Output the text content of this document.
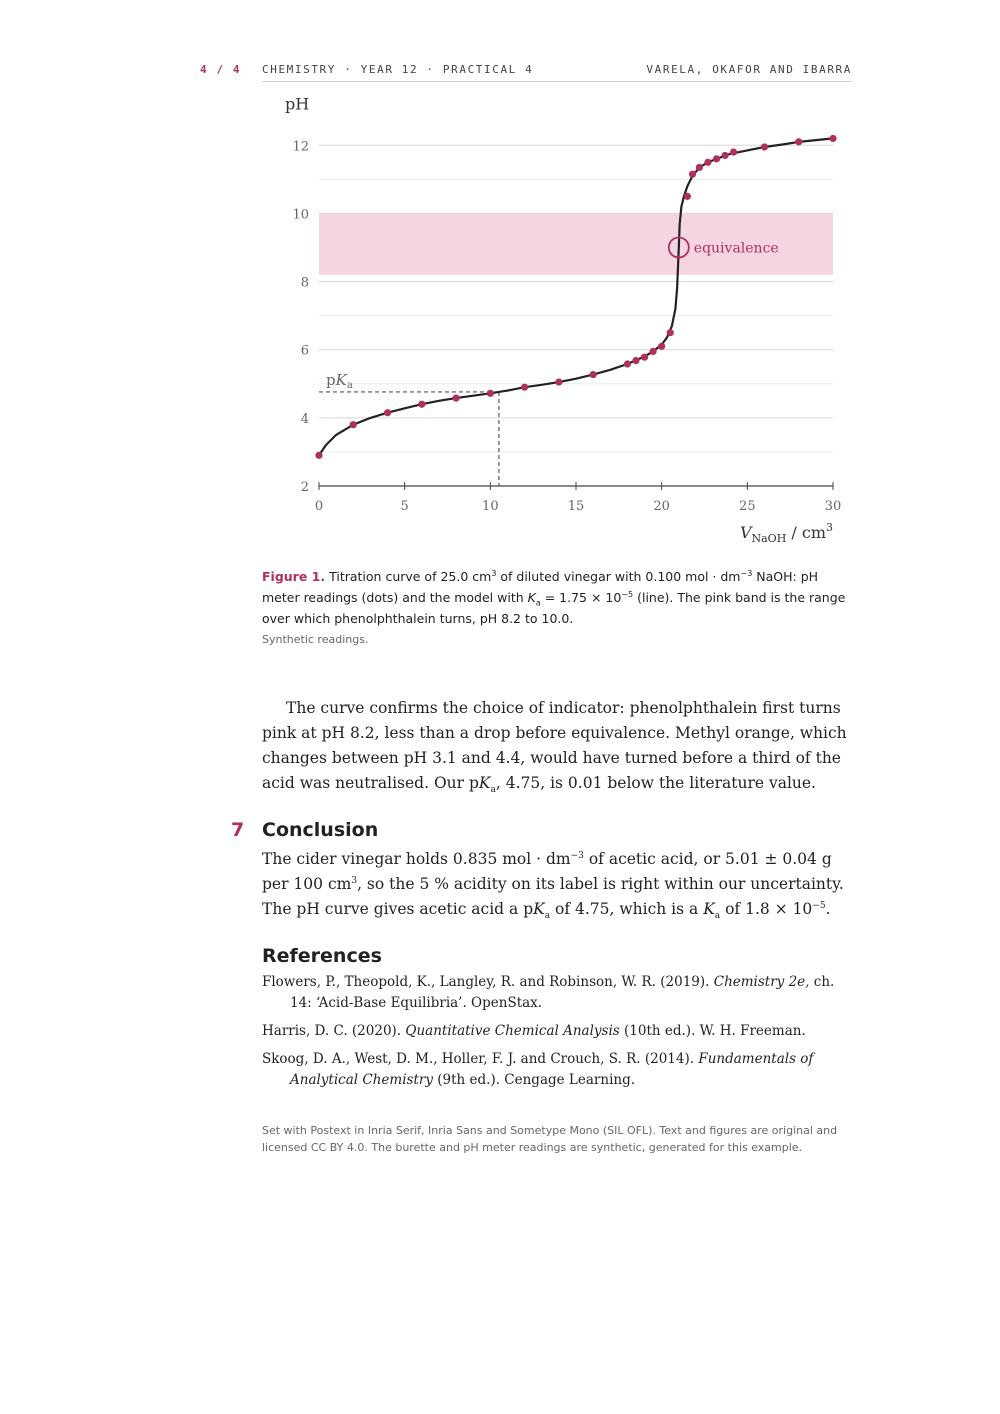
4 / 4 CHEMISTRY · YEAR 12 · PRACTICAL 4	VARELA, OKAFOR AND IBARRA
2
4
6
8
10
12
pH
0	5	10	15	20	25	30
$V_{NaOH} / cm^3$
$pK_a$
equivalence
Figure 1. Titration curve of 25.0 $cm^3$ of diluted vinegar with 0.100 mol · $dm^{-3}$ NaOH: pH meter readings (dots) and the model with $K_a = 1.75 \times 10^{-5}$ (line). The pink band is the range over which phenolphthalein turns, pH 8.2 to 10.0.
Synthetic readings.
The curve confirms the choice of indicator: phenolphthalein first turns pink at pH 8.2, less than a drop before equivalence. Methyl orange, which changes between pH 3.1 and 4.4, would have turned before a third of the acid was neutralised. Our $pK_a$, 4.75, is 0.01 below the literature value.
7 Conclusion
The cider vinegar holds 0.835 mol · $dm^{-3}$ of acetic acid, or 5.01 ± 0.04 g per 100 $cm^3$, so the 5 % acidity on its label is right within our uncertainty. The pH curve gives acetic acid a $pK_a$ of 4.75, which is a $K_a$ of $1.8 \times 10^{-5}$.
References
Flowers, P., Theopold, K., Langley, R. and Robinson, W. R. (2019). Chemistry 2e, ch. 14: ‘Acid-Base Equilibria’. OpenStax.
Harris, D. C. (2020). Quantitative Chemical Analysis (10th ed.). W. H. Freeman.
Skoog, D. A., West, D. M., Holler, F. J. and Crouch, S. R. (2014). Fundamentals of Analytical Chemistry (9th ed.). Cengage Learning.
Set with Postext in Inria Serif, Inria Sans and Sometype Mono (SIL OFL). Text and figures are original and licensed CC BY 4.0. The burette and pH meter readings are synthetic, generated for this example.
